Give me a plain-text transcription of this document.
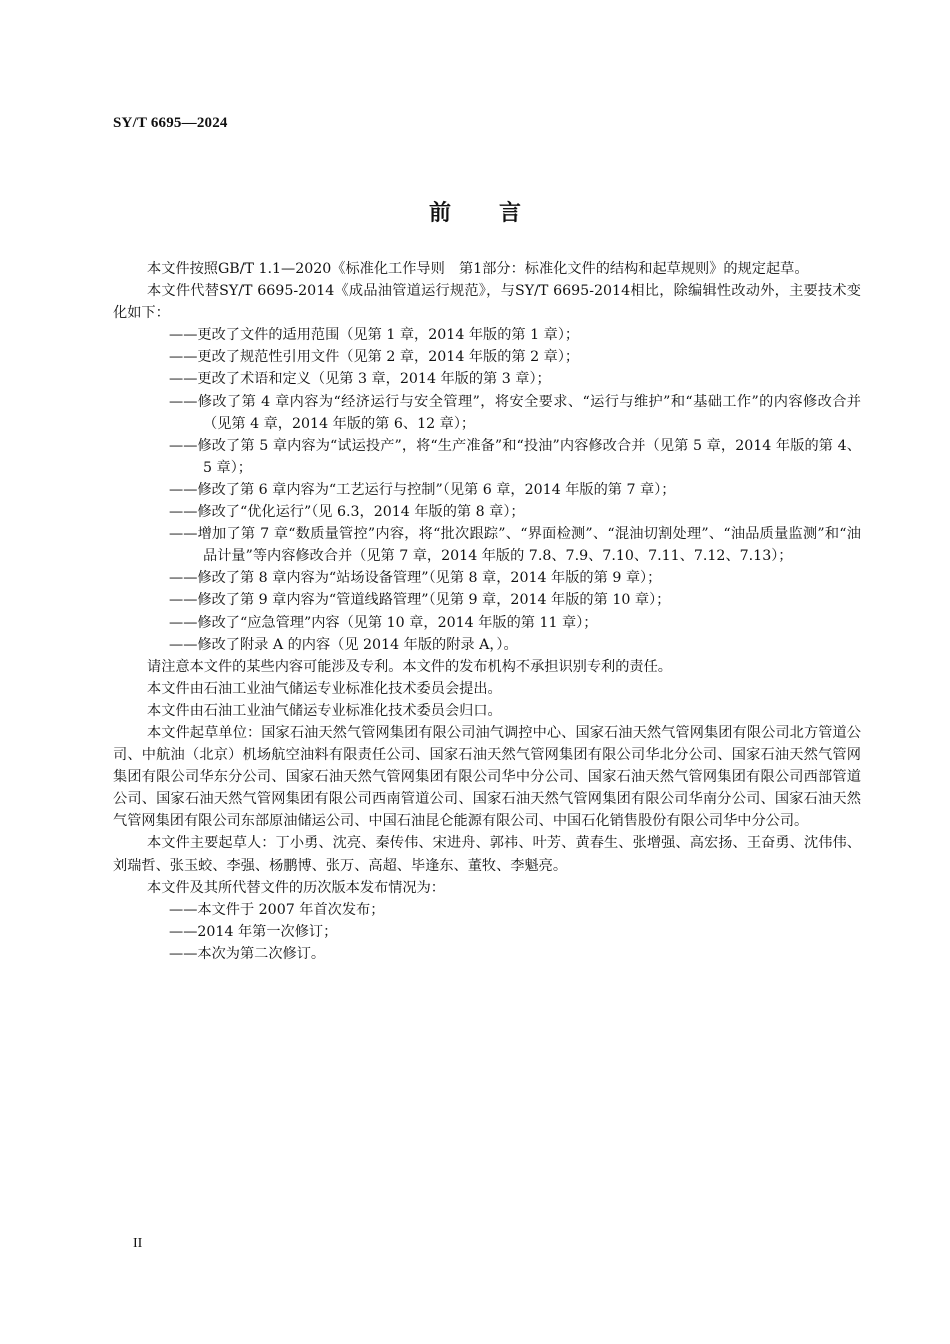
SY/T 6695—2024
前 言

本文件按照GB/T 1.1—2020《标准化工作导则　第1部分：标准化文件的结构和起草规则》的规定起草。

本文件代替SY/T 6695-2014《成品油管道运行规范》，与SY/T 6695-2014相比，除编辑性改动外，主要技术变化如下：

——更改了文件的适用范围（见第 1 章，2014 年版的第 1 章）；

——更改了规范性引用文件（见第 2 章，2014 年版的第 2 章）；

——更改了术语和定义（见第 3 章，2014 年版的第 3 章）；

——修改了第 4 章内容为“经济运行与安全管理”，将安全要求、“运行与维护”和“基础工作”的内容修改合并（见第 4 章，2014 年版的第 6、12 章）；

——修改了第 5 章内容为“试运投产”，将“生产准备”和“投油”内容修改合并（见第 5 章，2014 年版的第 4、5 章）；

——修改了第 6 章内容为“工艺运行与控制”（见第 6 章，2014 年版的第 7 章）；

——修改了“优化运行”（见 6.3，2014 年版的第 8 章）；

——增加了第 7 章“数质量管控”内容，将“批次跟踪”、“界面检测”、“混油切割处理”、“油品质量监测”和“油品计量”等内容修改合并（见第 7 章，2014 年版的 7.8、7.9、7.10、7.11、7.12、7.13）；

——修改了第 8 章内容为“站场设备管理”（见第 8 章，2014 年版的第 9 章）；

——修改了第 9 章内容为“管道线路管理”（见第 9 章，2014 年版的第 10 章）；

——修改了“应急管理”内容（见第 10 章，2014 年版的第 11 章）；

——修改了附录 A 的内容（见 2014 年版的附录 A，）。

请注意本文件的某些内容可能涉及专利。本文件的发布机构不承担识别专利的责任。

本文件由石油工业油气储运专业标准化技术委员会提出。

本文件由石油工业油气储运专业标准化技术委员会归口。

本文件起草单位：国家石油天然气管网集团有限公司油气调控中心、国家石油天然气管网集团有限公司北方管道公司、中航油（北京）机场航空油料有限责任公司、国家石油天然气管网集团有限公司华北分公司、国家石油天然气管网集团有限公司华东分公司、国家石油天然气管网集团有限公司华中分公司、国家石油天然气管网集团有限公司西部管道公司、国家石油天然气管网集团有限公司西南管道公司、国家石油天然气管网集团有限公司华南分公司、国家石油天然气管网集团有限公司东部原油储运公司、中国石油昆仑能源有限公司、中国石化销售股份有限公司华中分公司。

本文件主要起草人：丁小勇、沈亮、秦传伟、宋进舟、郭祎、叶芳、黄春生、张增强、高宏扬、王奋勇、沈伟伟、刘瑞哲、张玉蛟、李强、杨鹏博、张万、高超、毕逢东、董牧、李魁亮。

本文件及其所代替文件的历次版本发布情况为：

——本文件于 2007 年首次发布；

——2014 年第一次修订；

——本次为第二次修订。

II
